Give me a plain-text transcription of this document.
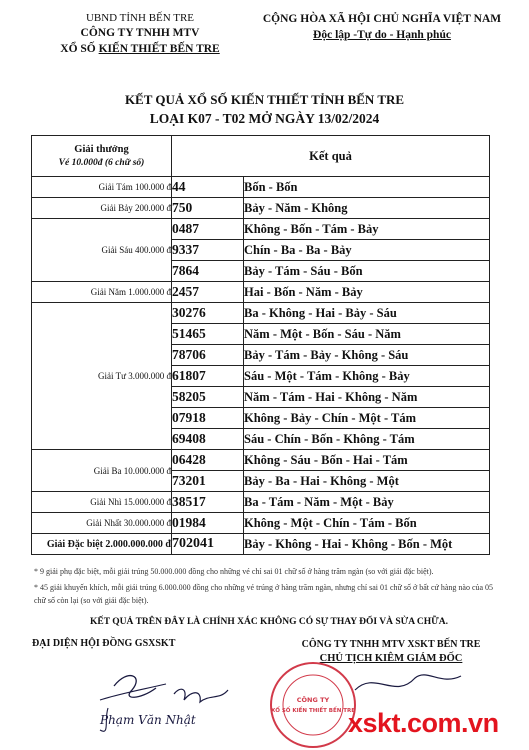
UBND TỈNH BẾN TRE
CÔNG TY TNHH MTV
XỔ SỐ KIẾN THIẾT BẾN TRE
CỘNG HÒA XÃ HỘI CHỦ NGHĨA VIỆT NAM
Độc lập -Tự do - Hạnh phúc
KẾT QUẢ XỔ SỐ KIẾN THIẾT TỈNH BẾN TRE
LOẠI K07 - T02 MỞ NGÀY 13/02/2024
Giải thưởng
Vé 10.000đ (6 chữ số)	Kết quả	
Giải Tám 100.000 đ	44	Bốn - Bốn
Giải Bảy 200.000 đ	750	Bảy - Năm - Không
Giải Sáu 400.000 đ	0487	Không - Bốn - Tám - Bảy
	9337	Chín - Ba - Ba - Bảy
	7864	Bảy - Tám - Sáu - Bốn
Giải Năm 1.000.000 đ	2457	Hai - Bốn - Năm - Bảy
Giải Tư 3.000.000 đ	30276	Ba - Không - Hai - Bảy - Sáu
	51465	Năm - Một - Bốn - Sáu - Năm
	78706	Bảy - Tám - Bảy - Không - Sáu
	61807	Sáu - Một - Tám - Không - Bảy
	58205	Năm - Tám - Hai - Không - Năm
	07918	Không - Bảy - Chín - Một - Tám
	69408	Sáu - Chín - Bốn - Không - Tám
Giải Ba 10.000.000 đ	06428	Không - Sáu - Bốn - Hai - Tám
	73201	Bảy - Ba - Hai - Không - Một
Giải Nhì 15.000.000 đ	38517	Ba - Tám - Năm - Một - Bảy
Giải Nhất 30.000.000 đ	01984	Không - Một - Chín - Tám - Bốn
Giải Đặc biệt 2.000.000.000 đ	702041	Bảy - Không - Hai - Không - Bốn - Một
* 9 giải phụ đặc biệt, mỗi giải trúng 50.000.000 đồng cho những vé chỉ sai 01 chữ số ở hàng trăm ngàn (so với giải đặc biệt).
* 45 giải khuyến khích, mỗi giải trúng 6.000.000 đồng cho những vé trúng ở hàng trăm ngàn, nhưng chỉ sai 01 chữ số ở bất cứ hàng nào của 05 chữ số còn lại (so với giải đặc biệt).
KẾT QUẢ TRÊN ĐÂY LÀ CHÍNH XÁC KHÔNG CÓ SỰ THAY ĐỔI VÀ SỬA CHỮA.
ĐẠI DIỆN HỘI ĐỒNG GSXSKT	CÔNG TY TNHH MTV XSKT BẾN TRE
CHỦ TỊCH KIÊM GIÁM ĐỐC
Phạm Văn Nhật
CÔNG TY
XỔ SỐ KIẾN THIẾT BẾN TRE
xskt.com.vn
